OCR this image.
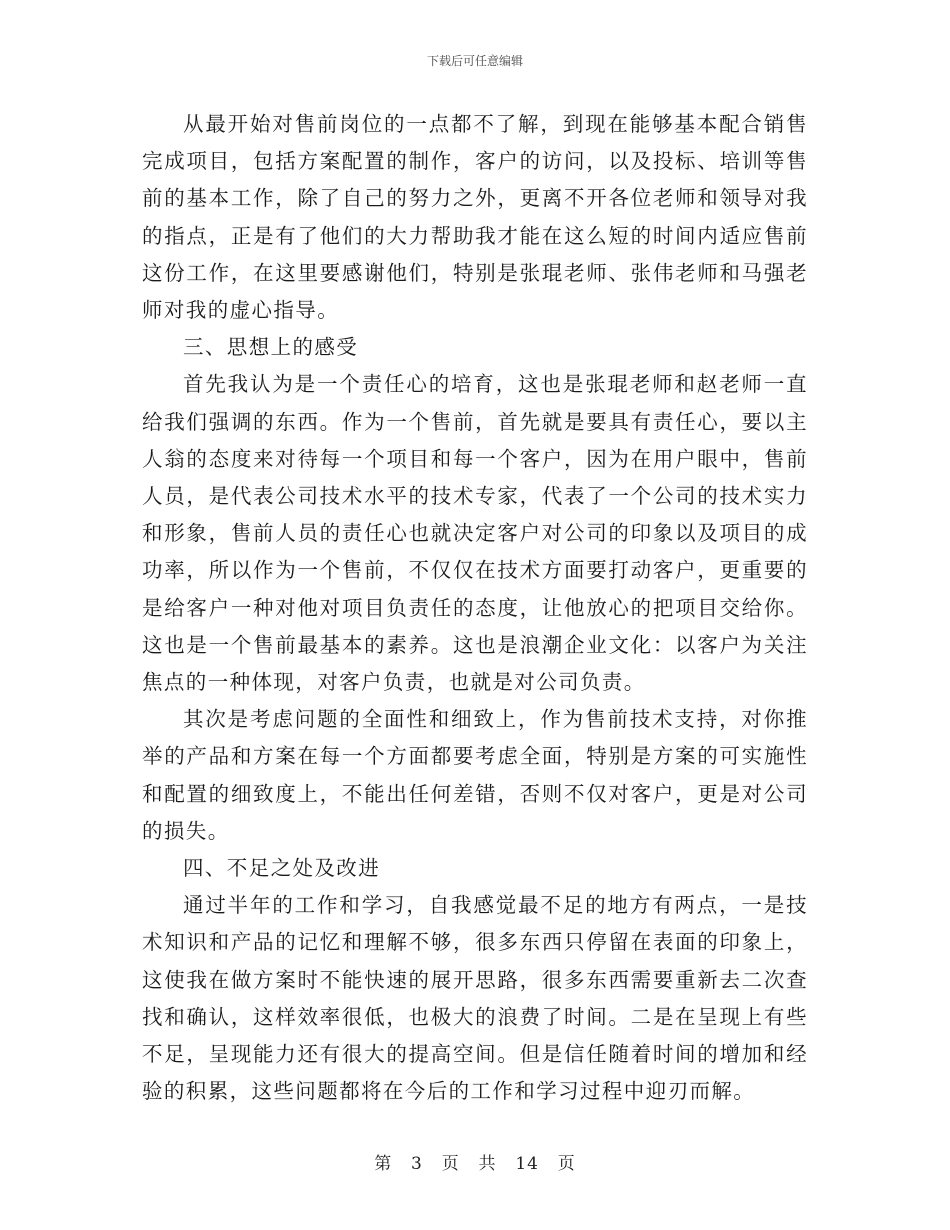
下载后可任意编辑

从最开始对售前岗位的一点都不了解，到现在能够基本配合销售完成项目，包括方案配置的制作，客户的访问，以及投标、培训等售前的基本工作，除了自己的努力之外，更离不开各位老师和领导对我的指点，正是有了他们的大力帮助我才能在这么短的时间内适应售前这份工作，在这里要感谢他们，特别是张琨老师、张伟老师和马强老师对我的虚心指导。

三、思想上的感受

首先我认为是一个责任心的培育，这也是张琨老师和赵老师一直给我们强调的东西。作为一个售前，首先就是要具有责任心，要以主人翁的态度来对待每一个项目和每一个客户，因为在用户眼中，售前人员，是代表公司技术水平的技术专家，代表了一个公司的技术实力和形象，售前人员的责任心也就决定客户对公司的印象以及项目的成功率，所以作为一个售前，不仅仅在技术方面要打动客户，更重要的是给客户一种对他对项目负责任的态度，让他放心的把项目交给你。这也是一个售前最基本的素养。这也是浪潮企业文化：以客户为关注焦点的一种体现，对客户负责，也就是对公司负责。

其次是考虑问题的全面性和细致上，作为售前技术支持，对你推举的产品和方案在每一个方面都要考虑全面，特别是方案的可实施性和配置的细致度上，不能出任何差错，否则不仅对客户，更是对公司的损失。

四、不足之处及改进

通过半年的工作和学习，自我感觉最不足的地方有两点，一是技术知识和产品的记忆和理解不够，很多东西只停留在表面的印象上，这使我在做方案时不能快速的展开思路，很多东西需要重新去二次查找和确认，这样效率很低，也极大的浪费了时间。二是在呈现上有些不足，呈现能力还有很大的提高空间。但是信任随着时间的增加和经验的积累，这些问题都将在今后的工作和学习过程中迎刃而解。

第 3 页 共 14 页
